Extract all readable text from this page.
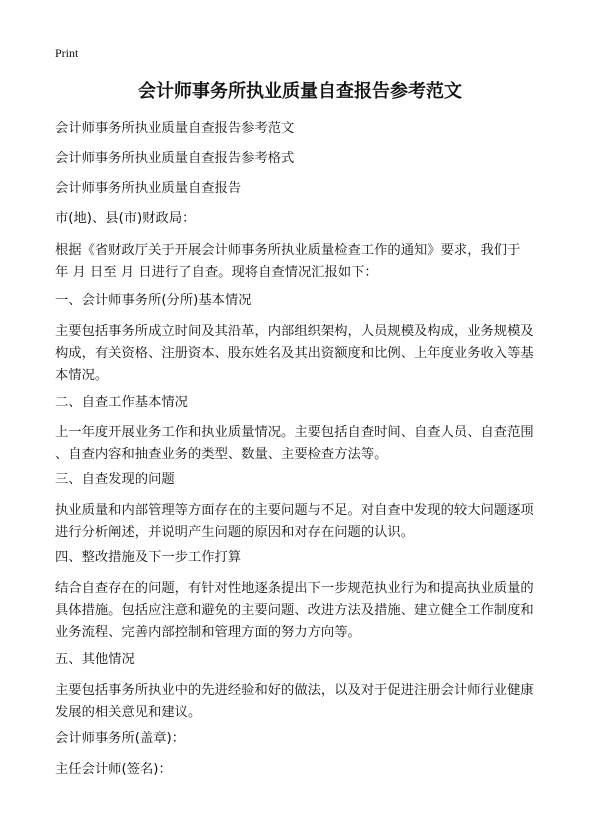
Print
会计师事务所执业质量自查报告参考范文
会计师事务所执业质量自查报告参考范文
会计师事务所执业质量自查报告参考格式
会计师事务所执业质量自查报告
市(地)、县(市)财政局：
根据《省财政厅关于开展会计师事务所执业质量检查工作的通知》要求，我们于
年 月 日至 月 日进行了自查。现将自查情况汇报如下：
一、会计师事务所(分所)基本情况
主要包括事务所成立时间及其沿革，内部组织架构，人员规模及构成，业务规模及
构成，有关资格、注册资本、股东姓名及其出资额度和比例、上年度业务收入等基
本情况。
二、自查工作基本情况
上一年度开展业务工作和执业质量情况。主要包括自查时间、自查人员、自查范围
、自查内容和抽查业务的类型、数量、主要检查方法等。
三、自查发现的问题
执业质量和内部管理等方面存在的主要问题与不足。对自查中发现的较大问题逐项
进行分析阐述，并说明产生问题的原因和对存在问题的认识。
四、整改措施及下一步工作打算
结合自查存在的问题，有针对性地逐条提出下一步规范执业行为和提高执业质量的
具体措施。包括应注意和避免的主要问题、改进方法及措施、建立健全工作制度和
业务流程、完善内部控制和管理方面的努力方向等。
五、其他情况
主要包括事务所执业中的先进经验和好的做法，以及对于促进注册会计师行业健康
发展的相关意见和建议。
会计师事务所(盖章)：
主任会计师(签名)：
